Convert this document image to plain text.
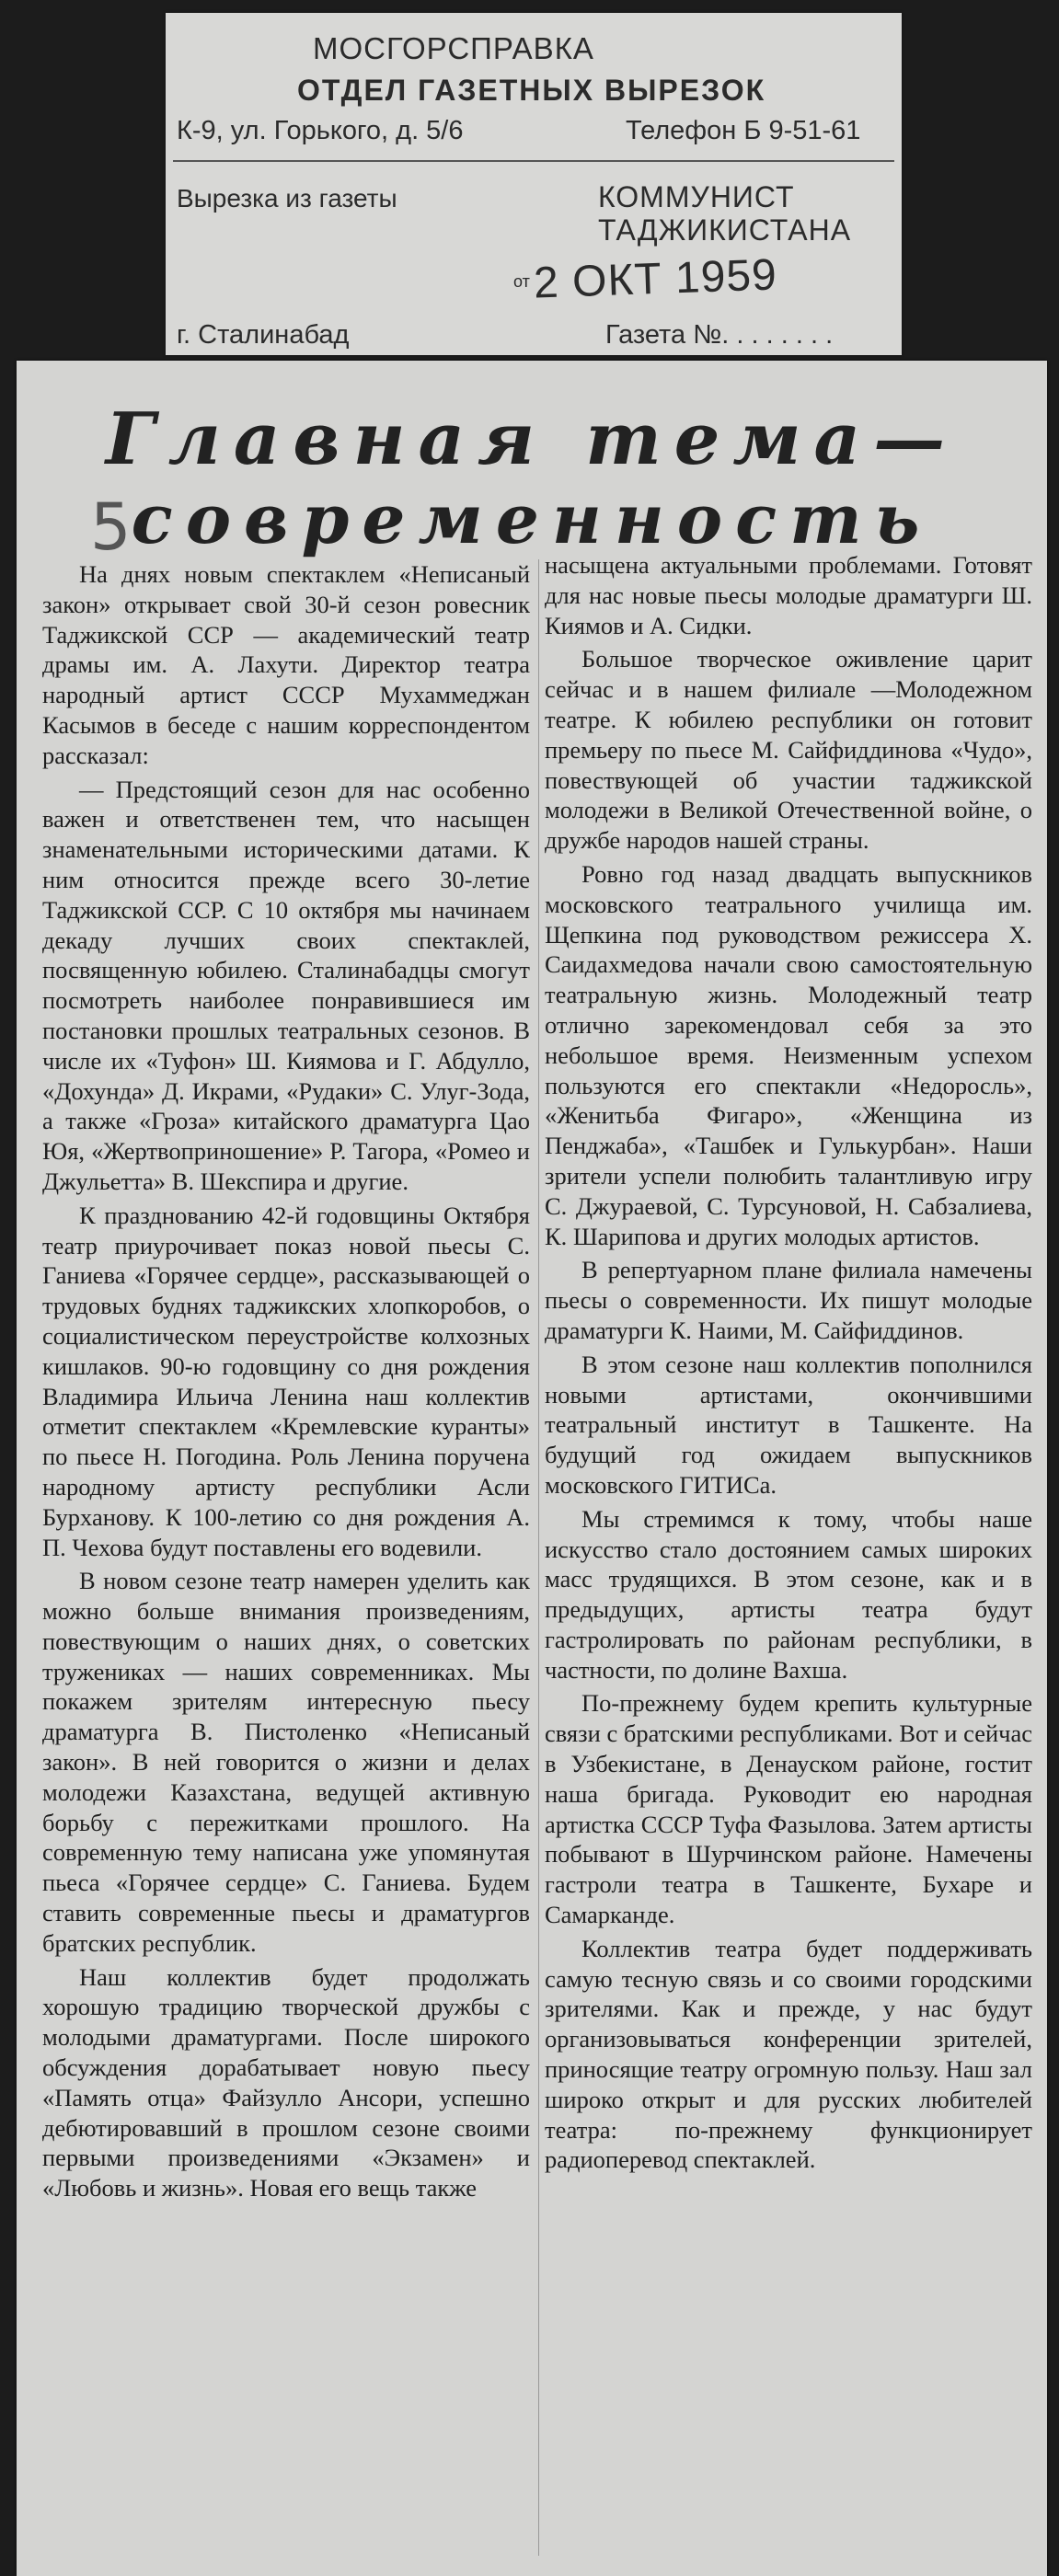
МОСГОРСПРАВКА
ОТДЕЛ ГАЗЕТНЫХ ВЫРЕЗОК
К-9, ул. Горького, д. 5/6	Телефон Б 9-51-61
Вырезка из газеты	КОММУНИСТ ТАДЖИКИСТАНА
от 2 ОКТ 1959
г. Сталинабад	Газета №. . . . . . . .
5
Главная тема—
современность

На днях новым спектаклем «Неписаный закон» открывает свой 30-й сезон ровесник Таджикской ССР — академический театр драмы им. А. Лахути. Директор театра народный артист СССР Мухаммеджан Касымов в беседе с нашим корреспондентом рассказал:

— Предстоящий сезон для нас особенно важен и ответственен тем, что насыщен знаменательными историческими датами. К ним относится прежде всего 30-летие Таджикской ССР. С 10 октября мы начинаем декаду лучших своих спектаклей, посвященную юбилею. Сталинабадцы смогут посмотреть наиболее понравившиеся им постановки прошлых театральных сезонов. В числе их «Туфон» Ш. Киямова и Г. Абдулло, «Дохунда» Д. Икрами, «Рудаки» С. Улуг-Зода, а также «Гроза» китайского драматурга Цао Юя, «Жертвоприношение» Р. Тагора, «Ромео и Джульетта» В. Шекспира и другие.

К празднованию 42-й годовщины Октября театр приурочивает показ новой пьесы С. Ганиева «Горячее сердце», рассказывающей о трудовых буднях таджикских хлопкоробов, о социалистическом переустройстве колхозных кишлаков. 90-ю годовщину со дня рождения Владимира Ильича Ленина наш коллектив отметит спектаклем «Кремлевские куранты» по пьесе Н. Погодина. Роль Ленина поручена народному артисту республики Асли Бурханову. К 100-летию со дня рождения А. П. Чехова будут поставлены его водевили.

В новом сезоне театр намерен уделить как можно больше внимания произведениям, повествующим о наших днях, о советских тружениках — наших современниках. Мы покажем зрителям интересную пьесу драматурга В. Пистоленко «Неписаный закон». В ней говорится о жизни и делах молодежи Казахстана, ведущей активную борьбу с пережитками прошлого. На современную тему написана уже упомянутая пьеса «Горячее сердце» С. Ганиева. Будем ставить современные пьесы и драматургов братских республик.

Наш коллектив будет продолжать хорошую традицию творческой дружбы с молодыми драматургами. После широкого обсуждения дорабатывает новую пьесу «Память отца» Файзулло Ансори, успешно дебютировавший в прошлом сезоне своими первыми произведениями «Экзамен» и «Любовь и жизнь». Новая его вещь также

насыщена актуальными проблемами. Готовят для нас новые пьесы молодые драматурги Ш. Киямов и А. Сидки.

Большое творческое оживление царит сейчас и в нашем филиале —Молодежном театре. К юбилею республики он готовит премьеру по пьесе М. Сайфиддинова «Чудо», повествующей об участии таджикской молодежи в Великой Отечественной войне, о дружбе народов нашей страны.

Ровно год назад двадцать выпускников московского театрального училища им. Щепкина под руководством режиссера Х. Саидахмедова начали свою самостоятельную театральную жизнь. Молодежный театр отлично зарекомендовал себя за это небольшое время. Неизменным успехом пользуются его спектакли «Недоросль», «Женитьба Фигаро», «Женщина из Пенджаба», «Ташбек и Гулькурбан». Наши зрители успели полюбить талантливую игру С. Джураевой, С. Турсуновой, Н. Сабзалиева, К. Шарипова и других молодых артистов.

В репертуарном плане филиала намечены пьесы о современности. Их пишут молодые драматурги К. Наими, М. Сайфиддинов.

В этом сезоне наш коллектив пополнился новыми артистами, окончившими театральный институт в Ташкенте. На будущий год ожидаем выпускников московского ГИТИСа.

Мы стремимся к тому, чтобы наше искусство стало достоянием самых широких масс трудящихся. В этом сезоне, как и в предыдущих, артисты театра будут гастролировать по районам республики, в частности, по долине Вахша.

По-прежнему будем крепить культурные связи с братскими республиками. Вот и сейчас в Узбекистане, в Денауском районе, гостит наша бригада. Руководит ею народная артистка СССР Туфа Фазылова. Затем артисты побывают в Шурчинском районе. Намечены гастроли театра в Ташкенте, Бухаре и Самарканде.

Коллектив театра будет поддерживать самую тесную связь и со своими городскими зрителями. Как и прежде, у нас будут организовываться конференции зрителей, приносящие театру огромную пользу. Наш зал широко открыт и для русских любителей театра: по-прежнему функционирует радиоперевод спектаклей.
